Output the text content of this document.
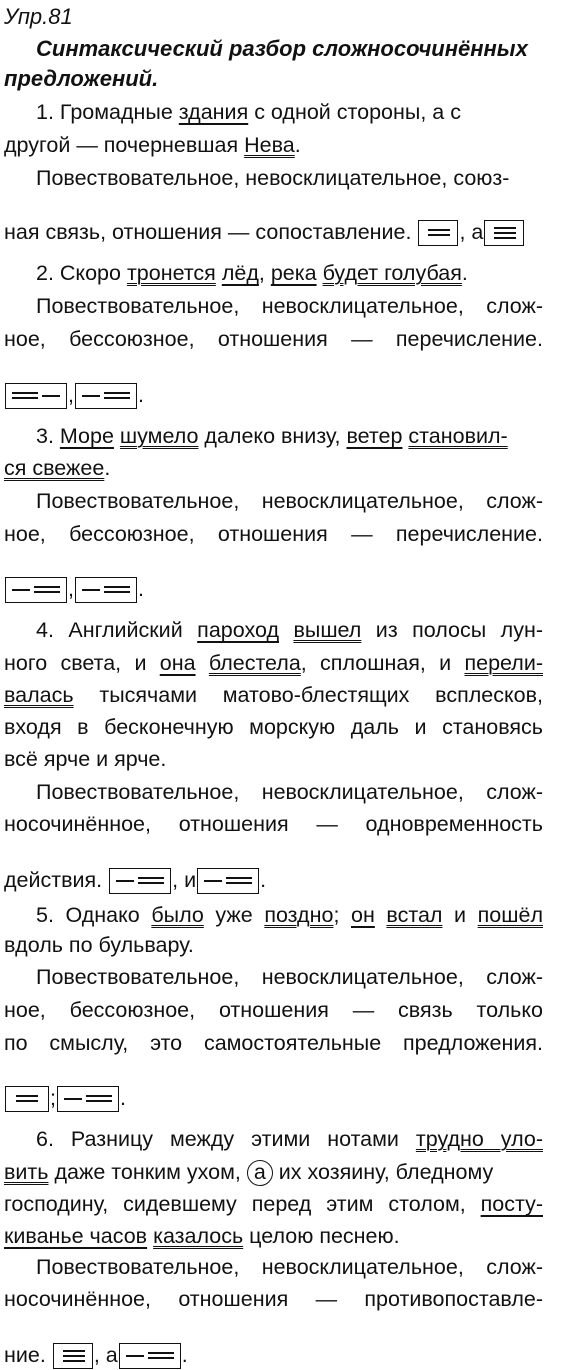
Упр.81
Синтаксический разбор сложносочинённых
предложений.
1. Громадные здания с одной стороны, а с
другой — почерневшая Нева.
Повествовательное, невосклицательное, союз-
ная связь, отношения — сопоставление. , а
2. Скоро тронется лёд, река будет голубая.
Повествовательное, невосклицательное, слож-
ное, бессоюзное, отношения — перечисление.
,	.
3. Море шумело далеко внизу, ветер становил-
ся свежее.
Повествовательное, невосклицательное, слож-
ное, бессоюзное, отношения — перечисление.
,	.
4. Английский пароход вышел из полосы лун-
ного света, и она блестела, сплошная, и перели-
валась тысячами матово-блестящих всплесков,
входя в бесконечную морскую даль и становясь
всё ярче и ярче.
Повествовательное, невосклицательное, слож-
носочинённое, отношения — одновременность
действия.	, и	.
5. Однако было уже поздно; он встал и пошёл
вдоль по бульвару.
Повествовательное, невосклицательное, слож-
ное, бессоюзное, отношения — связь только
по смыслу, это самостоятельные предложения.
;	.
6. Разницу между этими нотами трудно уло-
вить даже тонким ухом, а их хозяину, бледному
господину, сидевшему перед этим столом, посту-
киванье часов казалось целою песнею.
Повествовательное, невосклицательное, слож-
носочинённое, отношения — противопоставле-
ние. , а	.
